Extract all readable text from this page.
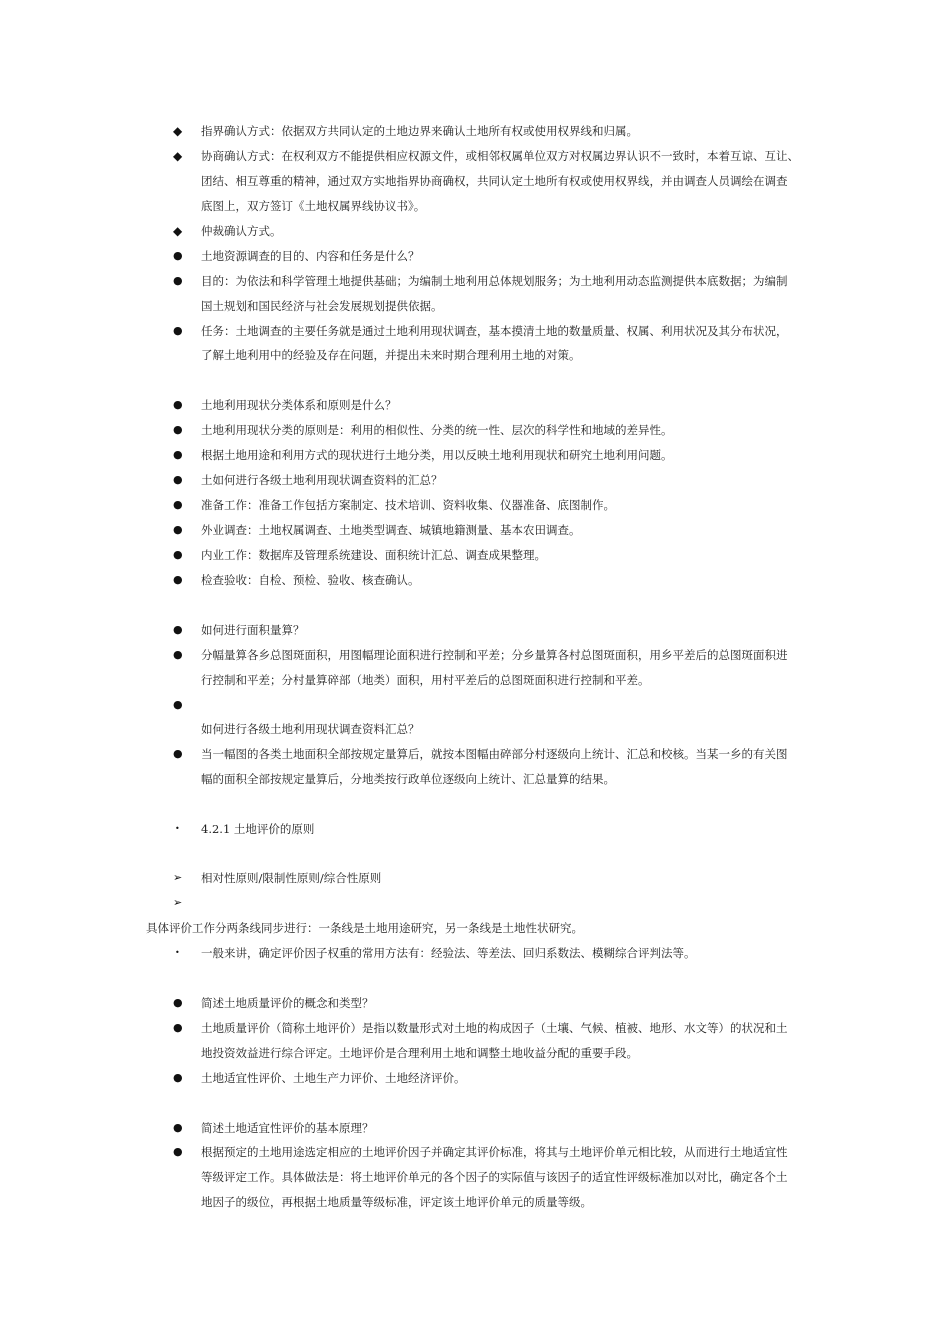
◆ 指界确认方式：依据双方共同认定的土地边界来确认土地所有权或使用权界线和归属。
◆ 协商确认方式：在权利双方不能提供相应权源文件，或相邻权属单位双方对权属边界认识不一致时，本着互谅、互让、
团结、相互尊重的精神，通过双方实地指界协商确权，共同认定土地所有权或使用权界线，并由调查人员调绘在调查
底图上，双方签订《土地权属界线协议书》。
◆ 仲裁确认方式。
● 土地资源调查的目的、内容和任务是什么？
● 目的：为依法和科学管理土地提供基础；为编制土地利用总体规划服务；为土地利用动态监测提供本底数据；为编制
国土规划和国民经济与社会发展规划提供依据。
● 任务：土地调查的主要任务就是通过土地利用现状调查，基本摸清土地的数量质量、权属、利用状况及其分布状况，
了解土地利用中的经验及存在问题，并提出未来时期合理利用土地的对策。
● 土地利用现状分类体系和原则是什么？
● 土地利用现状分类的原则是：利用的相似性、分类的统一性、层次的科学性和地域的差异性。
● 根据土地用途和利用方式的现状进行土地分类，用以反映土地利用现状和研究土地利用问题。
● 土如何进行各级土地利用现状调查资料的汇总？
● 准备工作：准备工作包括方案制定、技术培训、资料收集、仪器准备、底图制作。
● 外业调查：土地权属调查、土地类型调查、城镇地籍测量、基本农田调查。
● 内业工作：数据库及管理系统建设、面积统计汇总、调查成果整理。
● 检查验收：自检、预检、验收、核查确认。
● 如何进行面积量算？
● 分幅量算各乡总图斑面积，用图幅理论面积进行控制和平差；分乡量算各村总图斑面积，用乡平差后的总图斑面积进
行控制和平差；分村量算碎部（地类）面积，用村平差后的总图斑面积进行控制和平差。
●
如何进行各级土地利用现状调查资料汇总？
● 当一幅图的各类土地面积全部按规定量算后，就按本图幅由碎部分村逐级向上统计、汇总和校核。当某一乡的有关图
幅的面积全部按规定量算后，分地类按行政单位逐级向上统计、汇总量算的结果。
• 4.2.1 土地评价的原则
➢ 相对性原则/限制性原则/综合性原则
➢
具体评价工作分两条线同步进行：一条线是土地用途研究，另一条线是土地性状研究。
• 一般来讲，确定评价因子权重的常用方法有：经验法、等差法、回归系数法、模糊综合评判法等。
● 简述土地质量评价的概念和类型？
● 土地质量评价（简称土地评价）是指以数量形式对土地的构成因子（土壤、气候、植被、地形、水文等）的状况和土
地投资效益进行综合评定。土地评价是合理利用土地和调整土地收益分配的重要手段。
● 土地适宜性评价、土地生产力评价、土地经济评价。
● 简述土地适宜性评价的基本原理？
● 根据预定的土地用途选定相应的土地评价因子并确定其评价标准，将其与土地评价单元相比较，从而进行土地适宜性
等级评定工作。具体做法是：将土地评价单元的各个因子的实际值与该因子的适宜性评级标准加以对比，确定各个土
地因子的级位，再根据土地质量等级标准，评定该土地评价单元的质量等级。
